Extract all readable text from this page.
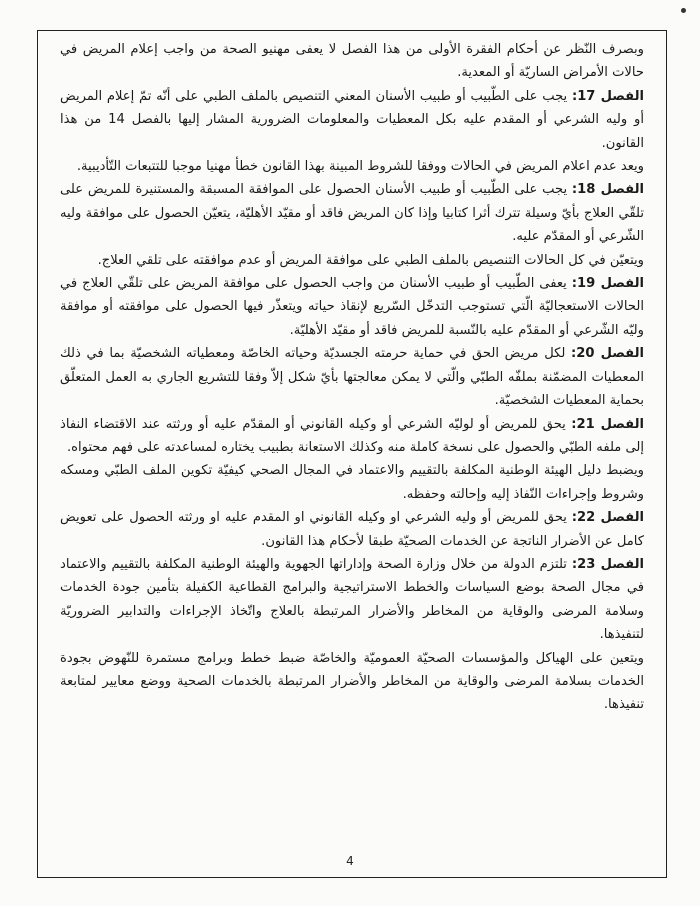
وبصرف النّظر عن أحكام الفقرة الأولى من هذا الفصل لا يعفى مهنيو الصحة من واجب إعلام المريض في حالات الأمراض الساريّة أو المعدية.

الفصل 17: يجب على الطّبيب أو طبيب الأسنان المعني التنصيص بالملف الطبي على أنّه تمّ إعلام المريض أو وليه الشرعي أو المقدم عليه بكل المعطيات والمعلومات الضرورية المشار إليها بالفصل 14 من هذا القانون.

ويعد عدم اعلام المريض في الحالات ووفقا للشروط المبينة بهذا القانون خطأ مهنيا موجبا للتتبعات التّأديبية.

الفصل 18: يجب على الطّبيب أو طبيب الأسنان الحصول على الموافقة المسبقة والمستنيرة للمريض على تلقّي العلاج بأيّ وسيلة تترك أثرا كتابيا وإذا كان المريض فاقد أو مقيّد الأهليّة، يتعيّن الحصول على موافقة وليه الشّرعي أو المقدّم عليه.

ويتعيّن في كل الحالات التنصيص بالملف الطبي على موافقة المريض أو عدم موافقته على تلقي العلاج.

الفصل 19: يعفى الطّبيب أو طبيب الأسنان من واجب الحصول على موافقة المريض على تلقّي العلاج في الحالات الاستعجاليّة الّتي تستوجب التدخّل السّريع لإنقاذ حياته ويتعذّر فيها الحصول على موافقته أو موافقة وليّه الشّرعي أو المقدّم عليه بالنّسبة للمريض فاقد أو مقيّد الأهليّة.

الفصل 20: لكل مريض الحق في حماية حرمته الجسديّة وحياته الخاصّة ومعطياته الشخصيّة بما في ذلك المعطيات المضمّنة بملفّه الطبّي والّتي لا يمكن معالجتها بأيّ شكل إلاّ وفقا للتشريع الجاري به العمل المتعلّق بحماية المعطيات الشخصيّة.

الفصل 21: يحق للمريض أو لوليّه الشرعي أو وكيله القانوني أو المقدّم عليه أو ورثته عند الاقتضاء النفاذ إلى ملفه الطبّي والحصول على نسخة كاملة منه وكذلك الاستعانة بطبيب يختاره لمساعدته على فهم محتواه.

ويضبط دليل الهيئة الوطنية المكلفة بالتقييم والاعتماد في المجال الصحي كيفيّة تكوين الملف الطبّي ومسكه وشروط وإجراءات النّفاذ إليه وإحالته وحفظه.

الفصل 22: يحق للمريض أو وليه الشرعي او وكيله القانوني او المقدم عليه او ورثته الحصول على تعويض كامل عن الأضرار الناتجة عن الخدمات الصحيّة طبقا لأحكام هذا القانون.

الفصل 23: تلتزم الدولة من خلال وزارة الصحة وإداراتها الجهوية والهيئة الوطنية المكلفة بالتقييم والاعتماد في مجال الصحة بوضع السياسات والخطط الاستراتيجية والبرامج القطاعية الكفيلة بتأمين جودة الخدمات وسلامة المرضى والوقاية من المخاطر والأضرار المرتبطة بالعلاج واتّخاذ الإجراءات والتدابير الضروريّة لتنفيذها.

ويتعين على الهياكل والمؤسسات الصحيّة العموميّة والخاصّة ضبط خطط وبرامج مستمرة للنّهوض بجودة الخدمات بسلامة المرضى والوقاية من المخاطر والأضرار المرتبطة بالخدمات الصحية ووضع معايير لمتابعة تنفيذها.

4
